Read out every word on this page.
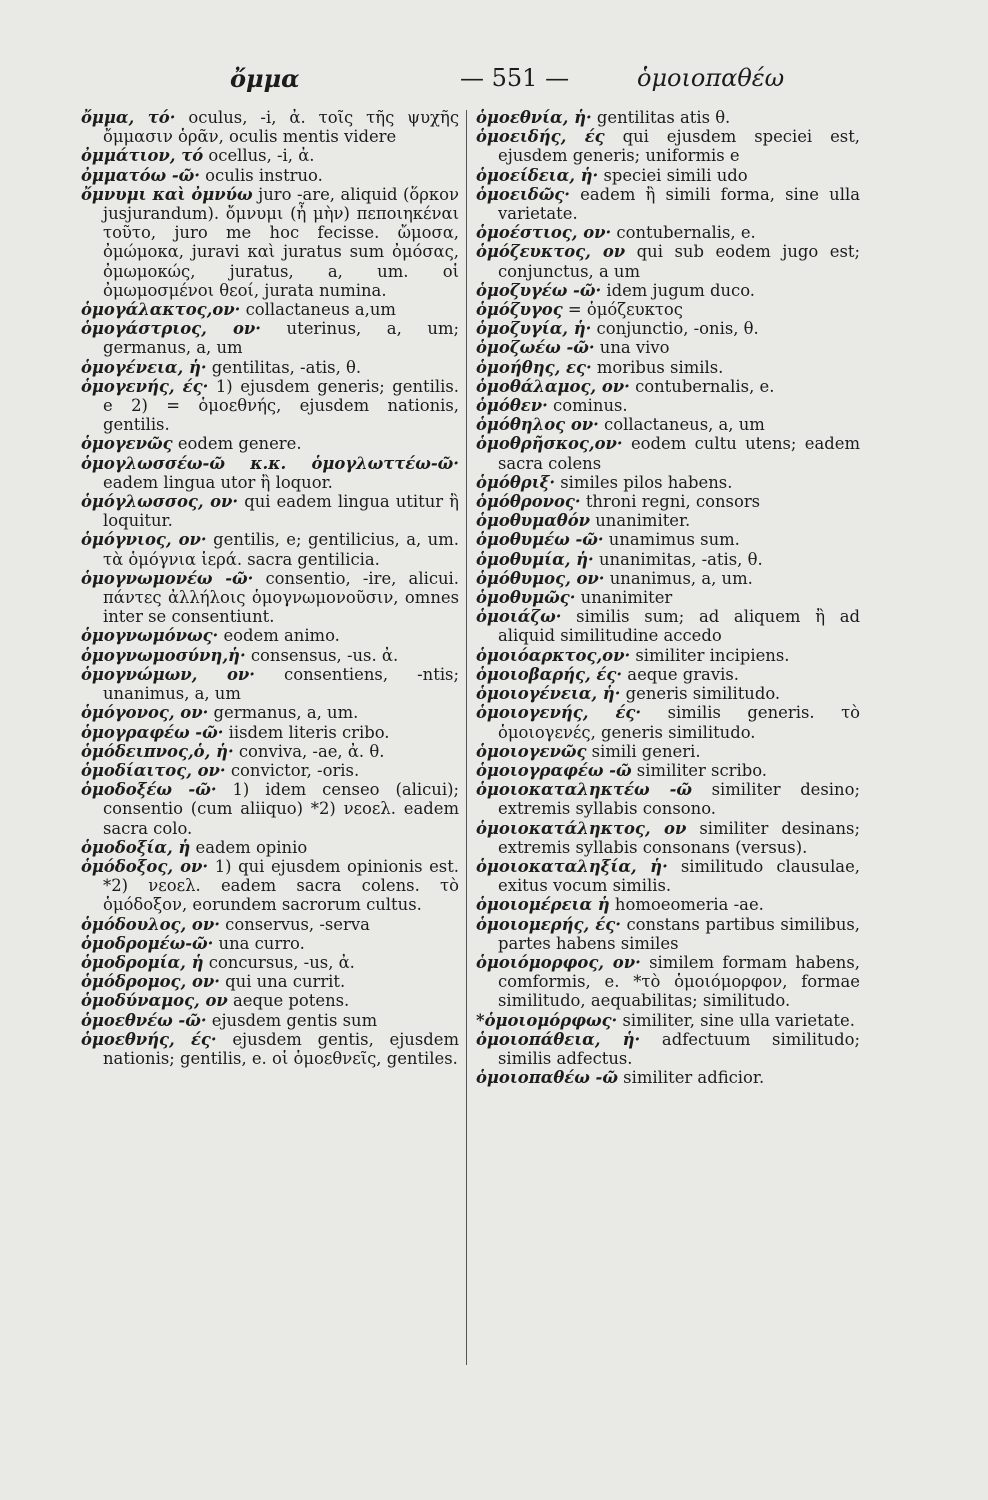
ὄμμα	— 551 —	ὁμοιοπαθέω

ὄμμα, τό· oculus, -i, ἀ. τοῖς τῆς ψυχῆς ὄμμασιν ὁρᾶν, oculis mentis videre

ὀμμάτιον, τό ocellus, -i, ἀ.

ὀμματόω -ῶ· oculis instruo.

ὄμνυμι καὶ ὀμνύω juro -are, aliquid (ὅρκον jusjurandum). ὄμνυμι (ἦ μὴν) πεποιηκέναι τοῦτο, juro me hoc fecisse. ὤμοσα, ὀμώμοκα, juravi καὶ juratus sum ὀμόσας, ὀμωμοκώς, juratus, a, um. οἱ ὀμωμοσμένοι θεοί, jurata numina.

ὁμογάλακτος,ον· collactaneus a,um

ὁμογάστριος, ον· uterinus, a, um; germanus, a, um

ὁμογένεια, ἡ· gentilitas, -atis, θ.

ὁμογενής, ές· 1) ejusdem generis; gentilis. e 2) = ὁμοεθνής, ejusdem nationis, gentilis.

ὁμογενῶς eodem genere.

ὁμογλωσσέω-ῶ κ.κ. ὁμογλωττέω-ῶ· eadem lingua utor ἢ loquor.

ὁμόγλωσσος, ον· qui eadem lingua utitur ἢ loquitur.

ὁμόγνιος, ον· gentilis, e; gentilicius, a, um. τὰ ὁμόγνια ἱερά. sacra gentilicia.

ὁμογνωμονέω -ῶ· consentio, -ire, alicui. πάντες ἀλλήλοις ὁμογνωμονοῦσιν, omnes inter se consentiunt.

ὁμογνωμόνως· eodem animo.

ὁμογνωμοσύνη,ἡ· consensus, -us. ἀ.

ὁμογνώμων, ον· consentiens, -ntis; unanimus, a, um

ὁμόγονος, ον· germanus, a, um.

ὁμογραφέω -ῶ· iisdem literis cribo.

ὁμόδειπνος,ὁ, ἡ· conviva, -ae, ἀ. θ.

ὁμοδίαιτος, ον· convictor, -oris.

ὁμοδοξέω -ῶ· 1) idem censeo (alicui); consentio (cum aliiquo) *2) νεοελ. eadem sacra colo.

ὁμοδοξία, ἡ eadem opinio

ὁμόδοξος, ον· 1) qui ejusdem opinionis est. *2) νεοελ. eadem sacra colens. τὸ ὁμόδοξον, eorundem sacrorum cultus.

ὁμόδουλος, ον· conservus, -serva

ὁμοδρομέω-ῶ· una curro.

ὁμοδρομία, ἡ concursus, -us, ἀ.

ὁμόδρομος, ον· qui una currit.

ὁμοδύναμος, ον aeque potens.

ὁμοεθνέω -ῶ· ejusdem gentis sum

ὁμοεθνής, ές· ejusdem gentis, ejusdem nationis; gentilis, e. οἱ ὁμοεθνεῖς, gentiles.

ὁμοεθνία, ἡ· gentilitas atis θ.

ὁμοειδής, ές qui ejusdem speciei est, ejusdem generis; uniformis e

ὁμοείδεια, ἡ· speciei simili udo

ὁμοειδῶς· eadem ἢ simili forma, sine ulla varietate.

ὁμοέστιος, ον· contubernalis, e.

ὁμόζευκτος, ον qui sub eodem jugo est; conjunctus, a um

ὁμοζυγέω -ῶ· idem jugum duco.

ὁμόζυγος = ὁμόζευκτος

ὁμοζυγία, ἡ· conjunctio, -onis, θ.

ὁμοζωέω -ῶ· una vivo

ὁμοήθης, ες· moribus simils.

ὁμοθάλαμος, ον· contubernalis, e.

ὁμόθεν· cominus.

ὁμόθηλος ον· collactaneus, a, um

ὁμοθρῆσκος,ον· eodem cultu utens; eadem sacra colens

ὁμόθριξ· similes pilos habens.

ὁμόθρονος· throni regni, consors

ὁμοθυμαθόν unanimiter.

ὁμοθυμέω -ῶ· unamimus sum.

ὁμοθυμία, ἡ· unanimitas, -atis, θ.

ὁμόθυμος, ον· unanimus, a, um.

ὁμοθυμῶς· unanimiter

ὁμοιάζω· similis sum; ad aliquem ἢ ad aliquid similitudine accedo

ὁμοιόαρκτος,ον· similiter incipiens.

ὁμοιοβαρής, ές· aeque gravis.

ὁμοιογένεια, ἡ· generis similitudo.

ὁμοιογενής, ές· similis generis. τὸ ὁμοιογενές, generis similitudo.

ὁμοιογενῶς simili generi.

ὁμοιογραφέω -ῶ similiter scribo.

ὁμοιοκαταληκτέω -ῶ similiter desino; extremis syllabis consono.

ὁμοιοκατάληκτος, ον similiter desinans; extremis syllabis consonans (versus).

ὁμοιοκαταληξία, ἡ· similitudo clausulae, exitus vocum similis.

ὁμοιομέρεια ἡ homoeomeria -ae.

ὁμοιομερής, ές· constans partibus similibus, partes habens similes

ὁμοιόμορφος, ον· similem formam habens, comformis, e. *τὸ ὁμοιόμορφον, formae similitudo, aequabilitas; similitudo.

*ὁμοιομόρφως· similiter, sine ulla varietate.

ὁμοιοπάθεια, ἡ· adfectuum similitudo; similis adfectus.

ὁμοιοπαθέω -ῶ similiter adficior.
